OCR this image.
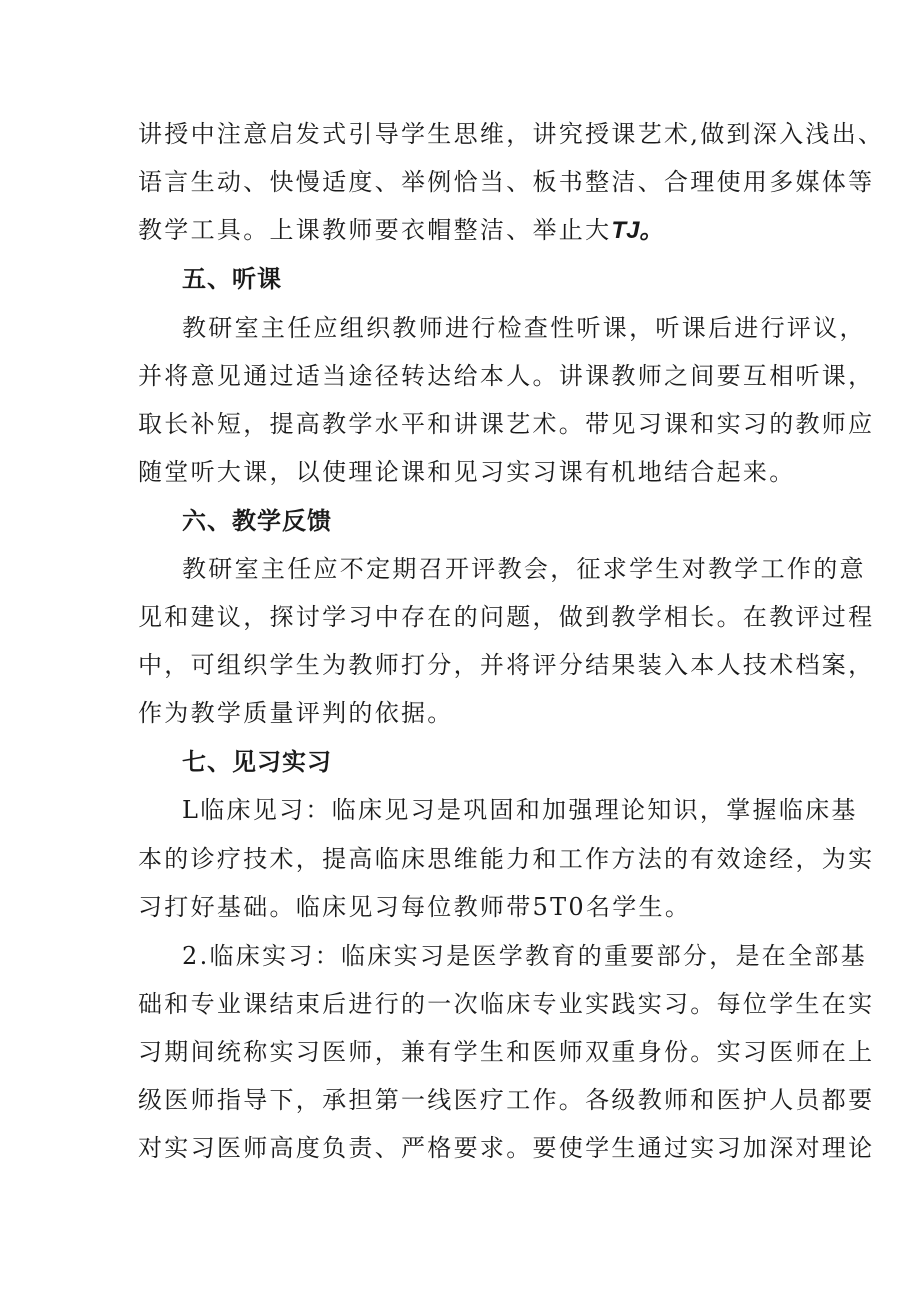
讲授中注意启发式引导学生思维，讲究授课艺术,做到深入浅出、
语言生动、快慢适度、举例恰当、板书整洁、合理使用多媒体等
教学工具。上课教师要衣帽整洁、举止大TJ。
五、听课
教研室主任应组织教师进行检查性听课，听课后进行评议，
并将意见通过适当途径转达给本人。讲课教师之间要互相听课，
取长补短，提高教学水平和讲课艺术。带见习课和实习的教师应
随堂听大课，以使理论课和见习实习课有机地结合起来。
六、教学反馈
教研室主任应不定期召开评教会，征求学生对教学工作的意
见和建议，探讨学习中存在的问题，做到教学相长。在教评过程
中，可组织学生为教师打分，并将评分结果装入本人技术档案，
作为教学质量评判的依据。
七、见习实习
L临床见习：临床见习是巩固和加强理论知识，掌握临床基
本的诊疗技术，提高临床思维能力和工作方法的有效途经，为实
习打好基础。临床见习每位教师带5T0名学生。
2.临床实习：临床实习是医学教育的重要部分，是在全部基
础和专业课结束后进行的一次临床专业实践实习。每位学生在实
习期间统称实习医师，兼有学生和医师双重身份。实习医师在上
级医师指导下，承担第一线医疗工作。各级教师和医护人员都要
对实习医师高度负责、严格要求。要使学生通过实习加深对理论
